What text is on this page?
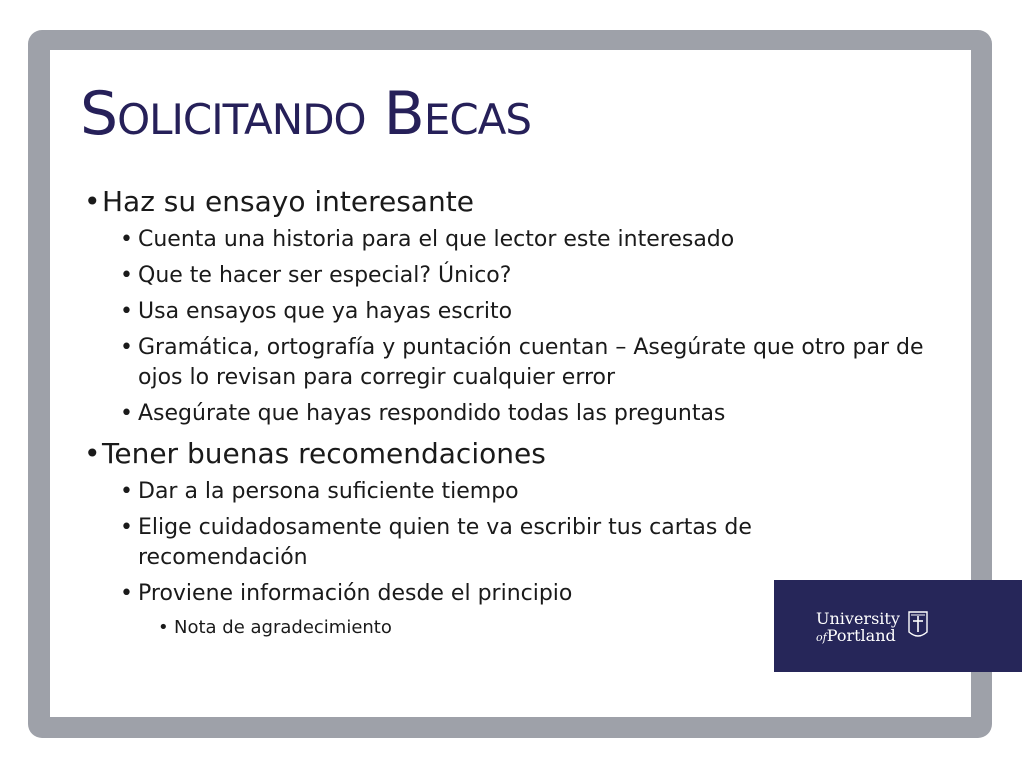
Solicitando Becas
• Haz su ensayo interesante
• Cuenta una historia para el que lector este interesado
• Que te hacer ser especial? Único?
• Usa ensayos que ya hayas escrito
• Gramática, ortografía y puntación cuentan – Asegúrate que otro par de ojos lo revisan para corregir cualquier error
• Asegúrate que hayas respondido todas las preguntas
• Tener buenas recomendaciones
• Dar a la persona suficiente tiempo
• Elige cuidadosamente quien te va escribir tus cartas de recomendación
• Proviene información desde el principio
• Nota de agradecimiento	University
ofPortland
